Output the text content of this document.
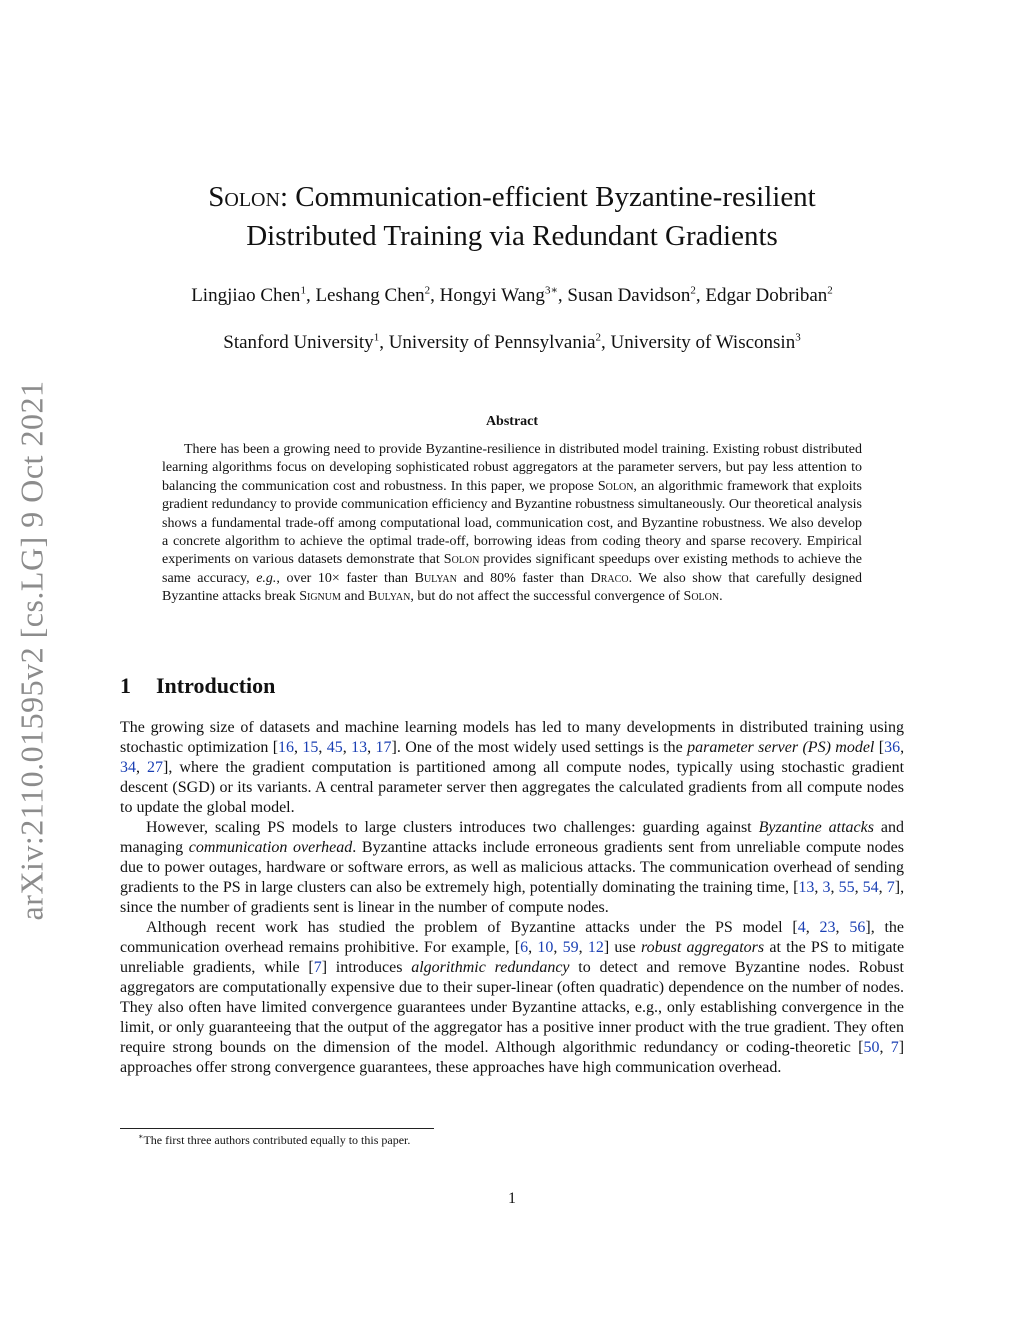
arXiv:2110.01595v2 [cs.LG] 9 Oct 2021
Solon: Communication-efficient Byzantine-resilient
Distributed Training via Redundant Gradients
Lingjiao Chen$^1$, Leshang Chen$^2$, Hongyi Wang$^{3∗}$, Susan Davidson$^2$, Edgar Dobriban$^2$
Stanford University$^1$, University of Pennsylvania$^2$, University of Wisconsin$^3$
Abstract

There has been a growing need to provide Byzantine-resilience in distributed model training. Existing robust distributed learning algorithms focus on developing sophisticated robust aggregators at the parameter servers, but pay less attention to balancing the communication cost and robustness. In this paper, we propose Solon, an algorithmic framework that exploits gradient redundancy to provide communication efficiency and Byzantine robustness simultaneously. Our theoretical analysis shows a fundamental trade-off among computational load, communication cost, and Byzantine robustness. We also develop a concrete algorithm to achieve the optimal trade-off, borrowing ideas from coding theory and sparse recovery. Empirical experiments on various datasets demonstrate that Solon provides significant speedups over existing methods to achieve the same accuracy, e.g., over 10× faster than Bulyan and 80% faster than Draco. We also show that carefully designed Byzantine attacks break Signum and Bulyan, but do not affect the successful convergence of Solon.

1 Introduction

The growing size of datasets and machine learning models has led to many developments in distributed training using stochastic optimization [16, 15, 45, 13, 17]. One of the most widely used settings is the parameter server (PS) model [36, 34, 27], where the gradient computation is partitioned among all compute nodes, typically using stochastic gradient descent (SGD) or its variants. A central parameter server then aggregates the calculated gradients from all compute nodes to update the global model.

However, scaling PS models to large clusters introduces two challenges: guarding against Byzantine attacks and managing communication overhead. Byzantine attacks include erroneous gradients sent from unreliable compute nodes due to power outages, hardware or software errors, as well as malicious attacks. The communication overhead of sending gradients to the PS in large clusters can also be extremely high, potentially dominating the training time, [13, 3, 55, 54, 7], since the number of gradients sent is linear in the number of compute nodes.

Although recent work has studied the problem of Byzantine attacks under the PS model [4, 23, 56], the communication overhead remains prohibitive. For example, [6, 10, 59, 12] use robust aggregators at the PS to mitigate unreliable gradients, while [7] introduces algorithmic redundancy to detect and remove Byzantine nodes. Robust aggregators are computationally expensive due to their super-linear (often quadratic) dependence on the number of nodes. They also often have limited convergence guarantees under Byzantine attacks, e.g., only establishing convergence in the limit, or only guaranteeing that the output of the aggregator has a positive inner product with the true gradient. They often require strong bounds on the dimension of the model. Although algorithmic redundancy or coding-theoretic [50, 7] approaches offer strong convergence guarantees, these approaches have high communication overhead.

∗The first three authors contributed equally to this paper.
1
